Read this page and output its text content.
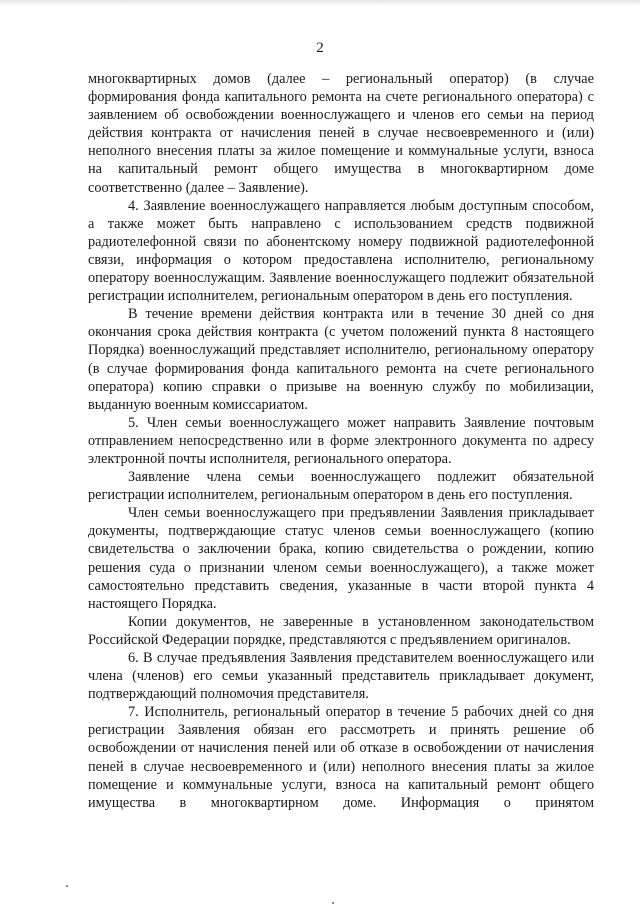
2

многоквартирных домов (далее – региональный оператор) (в случае формирования фонда капитального ремонта на счете регионального оператора) с заявлением об освобождении военнослужащего и членов его семьи на период действия контракта от начисления пеней в случае несвоевременного и (или) неполного внесения платы за жилое помещение и коммунальные услуги, взноса на капитальный ремонт общего имущества в многоквартирном доме соответственно (далее – Заявление).

4. Заявление военнослужащего направляется любым доступным способом, а также может быть направлено с использованием средств подвижной радиотелефонной связи по абонентскому номеру подвижной радиотелефонной связи, информация о котором предоставлена исполнителю, региональному оператору военнослужащим. Заявление военнослужащего подлежит обязательной регистрации исполнителем, региональным оператором в день его поступления.

В течение времени действия контракта или в течение 30 дней со дня окончания срока действия контракта (с учетом положений пункта 8 настоящего Порядка) военнослужащий представляет исполнителю, региональному оператору (в случае формирования фонда капитального ремонта на счете регионального оператора) копию справки о призыве на военную службу по мобилизации, выданную военным комиссариатом.

5. Член семьи военнослужащего может направить Заявление почтовым отправлением непосредственно или в форме электронного документа по адресу электронной почты исполнителя, регионального оператора.

Заявление члена семьи военнослужащего подлежит обязательной регистрации исполнителем, региональным оператором в день его поступления.

Член семьи военнослужащего при предъявлении Заявления прикладывает документы, подтверждающие статус членов семьи военнослужащего (копию свидетельства о заключении брака, копию свидетельства о рождении, копию решения суда о признании членом семьи военнослужащего), а также может самостоятельно представить сведения, указанные в части второй пункта 4 настоящего Порядка.

Копии документов, не заверенные в установленном законодательством Российской Федерации порядке, представляются с предъявлением оригиналов.

6. В случае предъявления Заявления представителем военнослужащего или члена (членов) его семьи указанный представитель прикладывает документ, подтверждающий полномочия представителя.

7. Исполнитель, региональный оператор в течение 5 рабочих дней со дня регистрации Заявления обязан его рассмотреть и принять решение об освобождении от начисления пеней или об отказе в освобождении от начисления пеней в случае несвоевременного и (или) неполного внесения платы за жилое помещение и коммунальные услуги, взноса на капитальный ремонт общего имущества в многоквартирном доме. Информация о принятом
